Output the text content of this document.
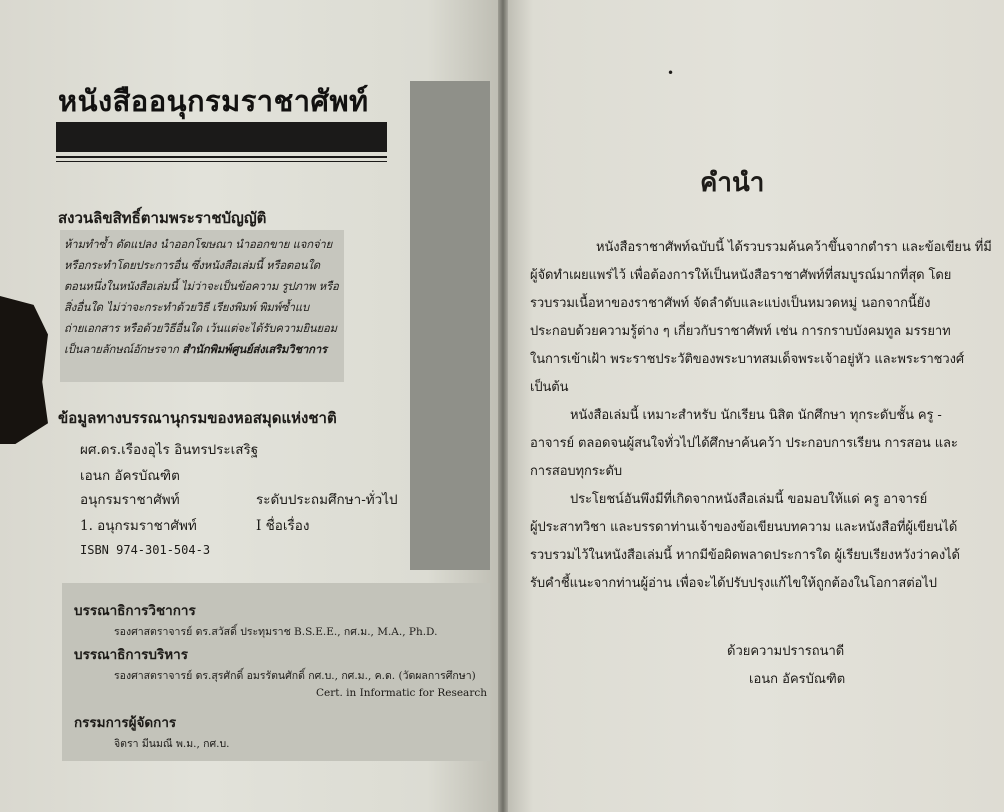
หนังสืออนุกรมราชาศัพท์
สงวนลิขสิทธิ์ตามพระราชบัญญัติ

ห้ามทำซ้ำ ดัดแปลง นำออกโฆษณา นำออกขาย แจกจ่าย

หรือกระทำโดยประการอื่น ซึ่งหนังสือเล่มนี้ หรือตอนใด

ตอนหนึ่งในหนังสือเล่มนี้ ไม่ว่าจะเป็นข้อความ รูปภาพ หรือ

สิ่งอื่นใด ไม่ว่าจะกระทำด้วยวิธี เรียงพิมพ์ พิมพ์ซ้ำแบ

ถ่ายเอกสาร หรือด้วยวิธีอื่นใด เว้นแต่จะได้รับความยินยอม

เป็นลายลักษณ์อักษรจาก สำนักพิมพ์ศูนย์ส่งเสริมวิชาการ

ข้อมูลทางบรรณานุกรมของหอสมุดแห่งชาติ
ผศ.ดร.เรืองอุไร อินทรประเสริฐ
เอนก อัครบัณฑิต
อนุกรมราชาศัพท์	ระดับประถมศึกษา-ทั่วไป
1. อนุกรมราชาศัพท์	I ชื่อเรื่อง
ISBN 974-301-504-3
บรรณาธิการวิชาการ
รองศาสตราจารย์ ดร.สวัสดิ์ ประทุมราช B.S.E.E., กศ.ม., M.A., Ph.D.
บรรณาธิการบริหาร
รองศาสตราจารย์ ดร.สุรศักดิ์ อมรรัตนศักดิ์ กศ.บ., กศ.ม., ค.ด. (วัดผลการศึกษา)
Cert. in Informatic for Research
กรรมการผู้จัดการ
จิตรา มีนมณี พ.ม., กศ.บ.
•
คำนำ
หนังสือราชาศัพท์ฉบับนี้ ได้รวบรวมค้นคว้าขึ้นจากตำรา และข้อเขียน ที่มี
ผู้จัดทำเผยแพร่ไว้ เพื่อต้องการให้เป็นหนังสือราชาศัพท์ที่สมบูรณ์มากที่สุด โดย
รวบรวมเนื้อหาของราชาศัพท์ จัดลำดับและแบ่งเป็นหมวดหมู่ นอกจากนี้ยัง
ประกอบด้วยความรู้ต่าง ๆ เกี่ยวกับราชาศัพท์ เช่น การกราบบังคมทูล มรรยาท
ในการเข้าเฝ้า พระราชประวัติของพระบาทสมเด็จพระเจ้าอยู่หัว และพระราชวงศ์
เป็นต้น
หนังสือเล่มนี้ เหมาะสำหรับ นักเรียน นิสิต นักศึกษา ทุกระดับชั้น ครู -
อาจารย์ ตลอดจนผู้สนใจทั่วไปได้ศึกษาค้นคว้า ประกอบการเรียน การสอน และ
การสอบทุกระดับ
ประโยชน์อันพึงมีที่เกิดจากหนังสือเล่มนี้ ขอมอบให้แด่ ครู อาจารย์
ผู้ประสาทวิชา และบรรดาท่านเจ้าของข้อเขียนบทความ และหนังสือที่ผู้เขียนได้
รวบรวมไว้ในหนังสือเล่มนี้ หากมีข้อผิดพลาดประการใด ผู้เรียบเรียงหวังว่าคงได้
รับคำชี้แนะจากท่านผู้อ่าน เพื่อจะได้ปรับปรุงแก้ไขให้ถูกต้องในโอกาสต่อไป
ด้วยความปรารถนาดี
เอนก อัครบัณฑิต
